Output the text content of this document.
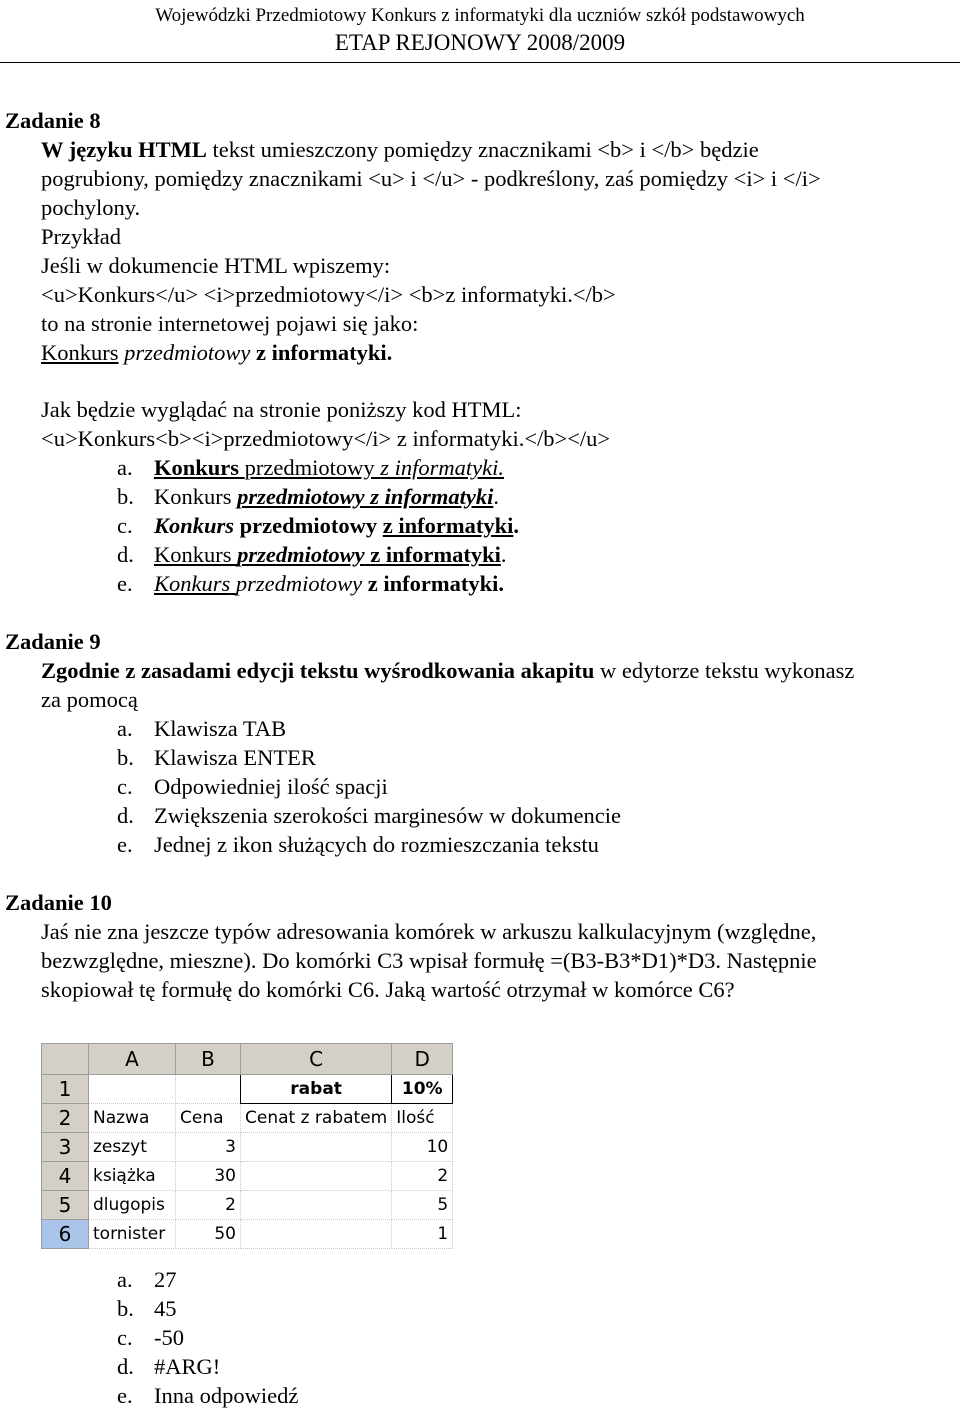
Wojewódzki Przedmiotowy Konkurs z informatyki dla uczniów szkół podstawowych
ETAP REJONOWY 2008/2009
Zadanie 8
W języku HTML tekst umieszczony pomiędzy znacznikami <b> i </b> będzie
pogrubiony, pomiędzy znacznikami <u> i </u> - podkreślony, zaś pomiędzy <i> i </i>
pochylony.
Przykład
Jeśli w dokumencie HTML wpiszemy:
<u>Konkurs</u> <i>przedmiotowy</i> <b>z informatyki.</b>
to na stronie internetowej pojawi się jako:
Konkurs przedmiotowy z informatyki.
Jak będzie wyglądać na stronie poniższy kod HTML:
<u>Konkurs<b><i>przedmiotowy</i> z informatyki.</b></u>
a. Konkurs przedmiotowy z informatyki.
b. Konkurs przedmiotowy z informatyki.
c. Konkurs przedmiotowy z informatyki.
d. Konkurs przedmiotowy z informatyki.
e. Konkurs przedmiotowy z informatyki.
Zadanie 9
Zgodnie z zasadami edycji tekstu wyśrodkowania akapitu w edytorze tekstu wykonasz
za pomocą
a. Klawisza TAB
b. Klawisza ENTER
c. Odpowiedniej ilość spacji
d. Zwiększenia szerokości marginesów w dokumencie
e. Jednej z ikon służących do rozmieszczania tekstu
Zadanie 10
Jaś nie zna jeszcze typów adresowania komórek w arkuszu kalkulacyjnym (względne,
bezwzględne, mieszne). Do komórki C3 wpisał formułę =(B3-B3*D1)*D3. Następnie
skopiował tę formułę do komórki C6. Jaką wartość otrzymał w komórce C6?
	A	B	C	D
1			rabat	10%
2	Nazwa	Cena	Cenat z rabatem	Ilość
3	zeszyt	3		10
4	książka	30		2
5	dlugopis	2		5
6	tornister	50		1
a. 27
b. 45
c. -50
d. #ARG!
e. Inna odpowiedź
